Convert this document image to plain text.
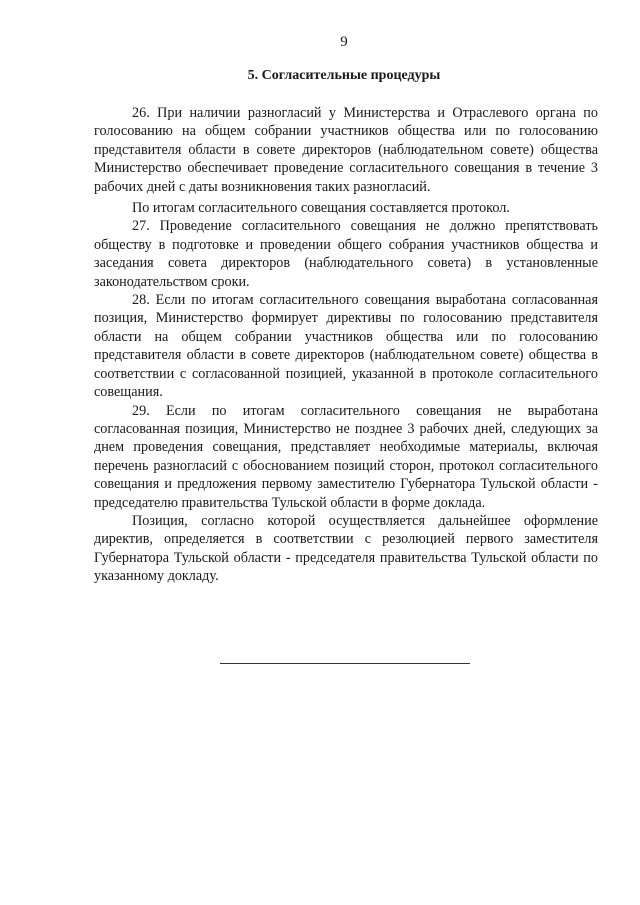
9
5. Согласительные процедуры

26. При наличии разногласий у Министерства и Отраслевого органа по голосованию на общем собрании участников общества или по голосованию представителя области в совете директоров (наблюдательном совете) общества Министерство обеспечивает проведение согласительного совещания в течение 3 рабочих дней с даты возникновения таких разногласий.

По итогам согласительного совещания составляется протокол.

27. Проведение согласительного совещания не должно препятствовать обществу в подготовке и проведении общего собрания участников общества и заседания совета директоров (наблюдательного совета) в установленные законодательством сроки.

28. Если по итогам согласительного совещания выработана согласованная позиция, Министерство формирует директивы по голосованию представителя области на общем собрании участников общества или по голосованию представителя области в совете директоров (наблюдательном совете) общества в соответствии с согласованной позицией, указанной в протоколе согласительного совещания.

29. Если по итогам согласительного совещания не выработана согласованная позиция, Министерство не позднее 3 рабочих дней, следующих за днем проведения совещания, представляет необходимые материалы, включая перечень разногласий с обоснованием позиций сторон, протокол согласительного совещания и предложения первому заместителю Губернатора Тульской области - председателю правительства Тульской области в форме доклада.

Позиция, согласно которой осуществляется дальнейшее оформление директив, определяется в соответствии с резолюцией первого заместителя Губернатора Тульской области - председателя правительства Тульской области по указанному докладу.
